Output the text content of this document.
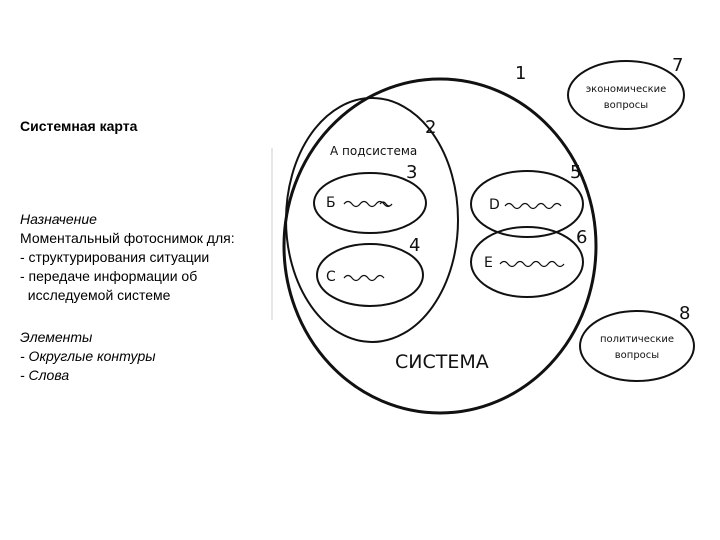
Системная карта
Назначение
Моментальный фотоснимок для:
- структурирования ситуации
- передаче информации об
исследуемой системе
Элементы
- Округлые контуры
- Слова
СИСТЕМА
А подсистема
Б
С
D
Е
экономические
вопросы
политические
вопросы
1
2
3
4
5
6
7
8
